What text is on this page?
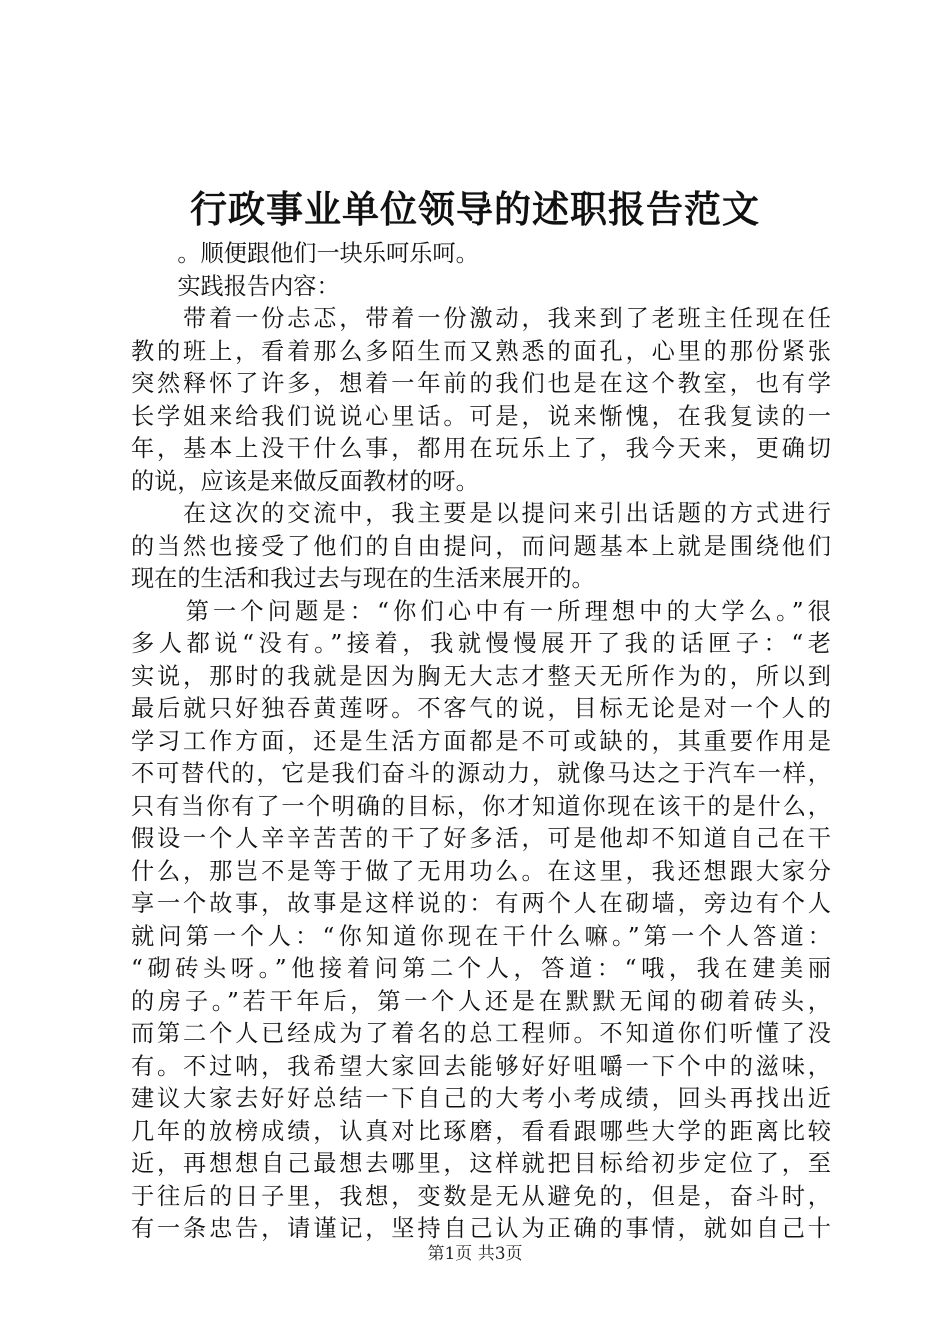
行政事业单位领导的述职报告范文
　　。顺便跟他们一块乐呵乐呵。
　　实践报告内容：
　　带着一份忐忑，带着一份激动，我来到了老班主任现在任
教的班上，看着那么多陌生而又熟悉的面孔，心里的那份紧张
突然释怀了许多，想着一年前的我们也是在这个教室，也有学
长学姐来给我们说说心里话。可是，说来惭愧，在我复读的一
年，基本上没干什么事，都用在玩乐上了，我今天来，更确切
的说，应该是来做反面教材的呀。
　　在这次的交流中，我主要是以提问来引出话题的方式进行
的当然也接受了他们的自由提问，而问题基本上就是围绕他们
现在的生活和我过去与现在的生活来展开的。
　　第一个问题是：“你们心中有一所理想中的大学么。”很
多人都说“没有。”接着，我就慢慢展开了我的话匣子：“老
实说，那时的我就是因为胸无大志才整天无所作为的，所以到
最后就只好独吞黄莲呀。不客气的说，目标无论是对一个人的
学习工作方面，还是生活方面都是不可或缺的，其重要作用是
不可替代的，它是我们奋斗的源动力，就像马达之于汽车一样，
只有当你有了一个明确的目标，你才知道你现在该干的是什么，
假设一个人辛辛苦苦的干了好多活，可是他却不知道自己在干
什么，那岂不是等于做了无用功么。在这里，我还想跟大家分
享一个故事，故事是这样说的：有两个人在砌墙，旁边有个人
就问第一个人：“你知道你现在干什么嘛。”第一个人答道：
“砌砖头呀。”他接着问第二个人，答道：“哦，我在建美丽
的房子。”若干年后，第一个人还是在默默无闻的砌着砖头，
而第二个人已经成为了着名的总工程师。不知道你们听懂了没
有。不过呐，我希望大家回去能够好好咀嚼一下个中的滋味，
建议大家去好好总结一下自己的大考小考成绩，回头再找出近
几年的放榜成绩，认真对比琢磨，看看跟哪些大学的距离比较
近，再想想自己最想去哪里，这样就把目标给初步定位了，至
于往后的日子里，我想，变数是无从避免的，但是，奋斗时，
有一条忠告，请谨记，坚持自己认为正确的事情，就如自己十
第1页 共3页
